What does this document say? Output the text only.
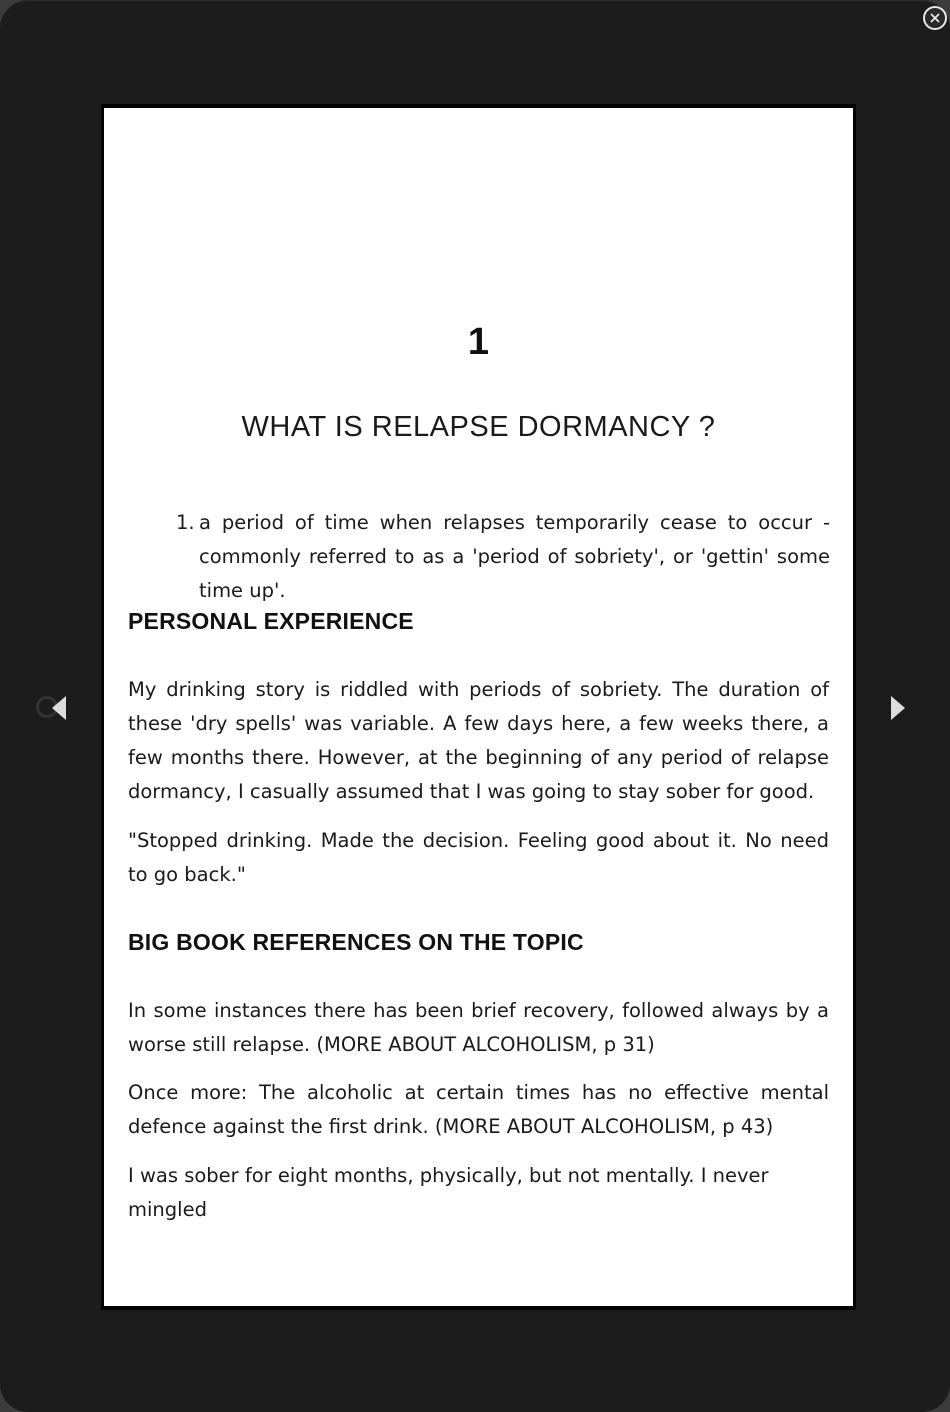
1
WHAT IS RELAPSE DORMANCY ?
1. a period of time when relapses temporarily cease to occur - commonly referred to as a 'period of sobriety', or 'gettin' some time up'.
PERSONAL EXPERIENCE

My drinking story is riddled with periods of sobriety. The duration of these 'dry spells' was variable. A few days here, a few weeks there, a few months there. However, at the beginning of any period of relapse dormancy, I casually assumed that I was going to stay sober for good.

"Stopped drinking. Made the decision. Feeling good about it. No need to go back."

BIG BOOK REFERENCES ON THE TOPIC

In some instances there has been brief recovery, followed always by a worse still relapse. (MORE ABOUT ALCOHOLISM, p 31)

Once more: The alcoholic at certain times has no effective mental defence against the first drink. (MORE ABOUT ALCOHOLISM, p 43)

I was sober for eight months, physically, but not mentally. I never mingled
